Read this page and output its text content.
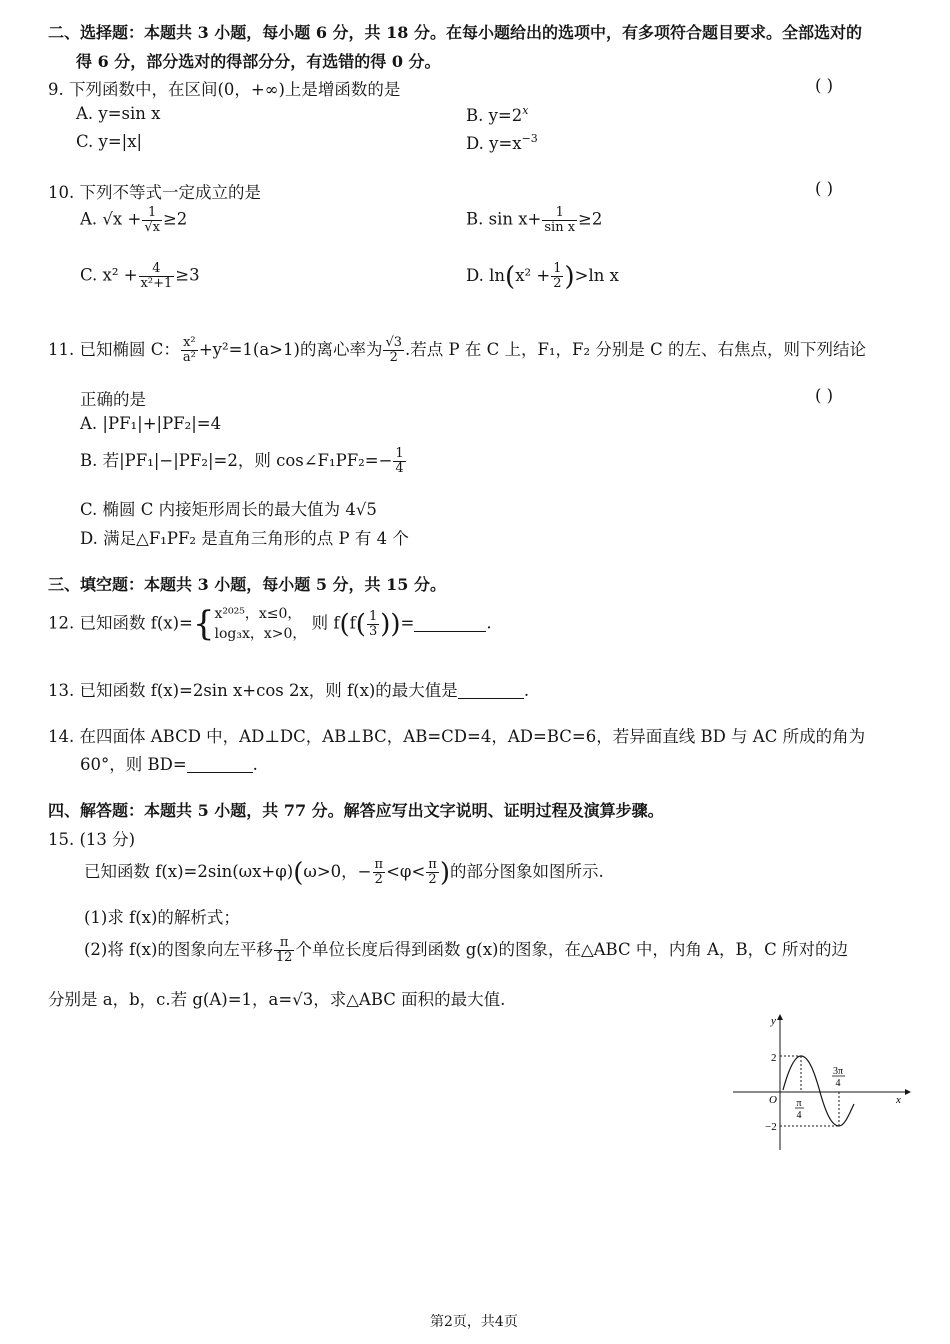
二、选择题：本题共 3 小题，每小题 6 分，共 18 分。在每小题给出的选项中，有多项符合题目要求。全部选对的
得 6 分，部分选对的得部分分，有选错的得 0 分。
9. 下列函数中，在区间(0，+∞)上是增函数的是	( )
A. y=sin x	B. $y=2^x$
C. y=|x|	D. $y=x^{-3}$
10. 下列不等式一定成立的是	( )
A. $√x + \frac{1}{√x} \ge 2$	B. $\sin x+ \frac{1}{\text{sin x}} \ge 2$
C. $x^2 + \frac{4}{\text{x²+1}} \ge 3$	D. $\ln(x^2 + \frac{1}{2} )>\ln$ x
11. 已知椭圆 C： $\frac{\text{x²}}{\text{a²}} +y^2=1(a>1)$的离心率为 $\frac{√3}{2}$ .若点 P 在 C 上，F₁，F₂ 分别是 C 的左、右焦点，则下列结论
正确的是	( )
A. |PF₁|+|PF₂|=4
B. 若|PF₁|−|PF₂|=2，则 cos∠F₁PF₂=− $\frac{1}{4}$
C. 椭圆 C 内接矩形周长的最大值为 4√5
D. 满足△F₁PF₂ 是直角三角形的点 P 有 4 个
三、填空题：本题共 3 小题，每小题 5 分，共 15 分。
12. 已知函数 f(x)={ x²⁰²⁵，x≤0，
log₃x，x>0，
则 $f(f( \frac{1}{3}$ ))=	.
13. 已知函数 f(x)=2sin x+cos 2x，则 f(x)的最大值是	.
14. 在四面体 ABCD 中，AD⊥DC，AB⊥BC，AB=CD=4，AD=BC=6，若异面直线 BD 与 AC 所成的角为
60°，则 BD=	.
四、解答题：本题共 5 小题，共 77 分。解答应写出文字说明、证明过程及演算步骤。
15. (13 分)
已知函数 f(x)=2sin(ωx+φ)(ω>0，− $\frac{\pi}{2} <\varphi< \frac{\pi}{2}$ )的部分图象如图所示.
(1)求 f(x)的解析式；
(2)将 f(x)的图象向左平移 $\frac{\pi}{12}$ 个单位长度后得到函数 g(x)的图象，在△ABC 中，内角 A，B，C 所对的边
分别是 a，b，c.若 g(A)=1，a=√3，求△ABC 面积的最大值.
y
x
O
2
−2
π
4
3π
4
第2页，共4页
